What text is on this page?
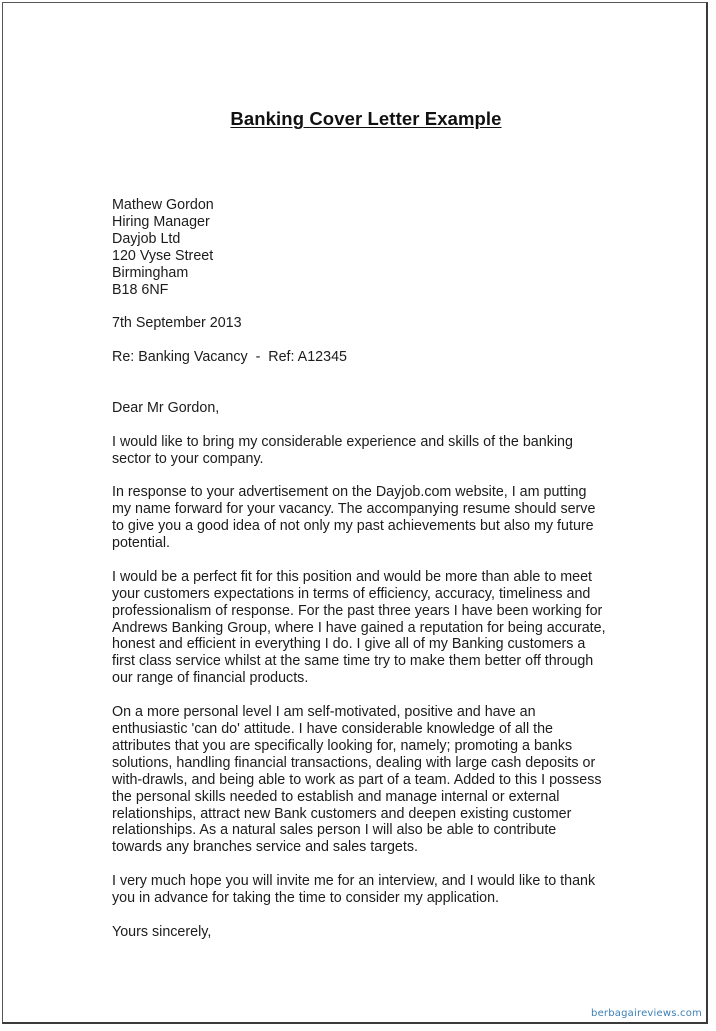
Banking Cover Letter Example
Mathew Gordon
Hiring Manager
Dayjob Ltd
120 Vyse Street
Birmingham
B18 6NF
7th September 2013
Re: Banking Vacancy  -  Ref: A12345
Dear Mr Gordon,
I would like to bring my considerable experience and skills of the banking
sector to your company.
In response to your advertisement on the Dayjob.com website, I am putting
my name forward for your vacancy. The accompanying resume should serve
to give you a good idea of not only my past achievements but also my future
potential.
I would be a perfect fit for this position and would be more than able to meet
your customers expectations in terms of efficiency, accuracy, timeliness and
professionalism of response. For the past three years I have been working for
Andrews Banking Group, where I have gained a reputation for being accurate,
honest and efficient in everything I do. I give all of my Banking customers a
first class service whilst at the same time try to make them better off through
our range of financial products.
On a more personal level I am self-motivated, positive and have an
enthusiastic 'can do' attitude. I have considerable knowledge of all the
attributes that you are specifically looking for, namely; promoting a banks
solutions, handling financial transactions, dealing with large cash deposits or
with-drawls, and being able to work as part of a team. Added to this I possess
the personal skills needed to establish and manage internal or external
relationships, attract new Bank customers and deepen existing customer
relationships. As a natural sales person I will also be able to contribute
towards any branches service and sales targets.
I very much hope you will invite me for an interview, and I would like to thank
you in advance for taking the time to consider my application.
Yours sincerely,
berbagaireviews.com
